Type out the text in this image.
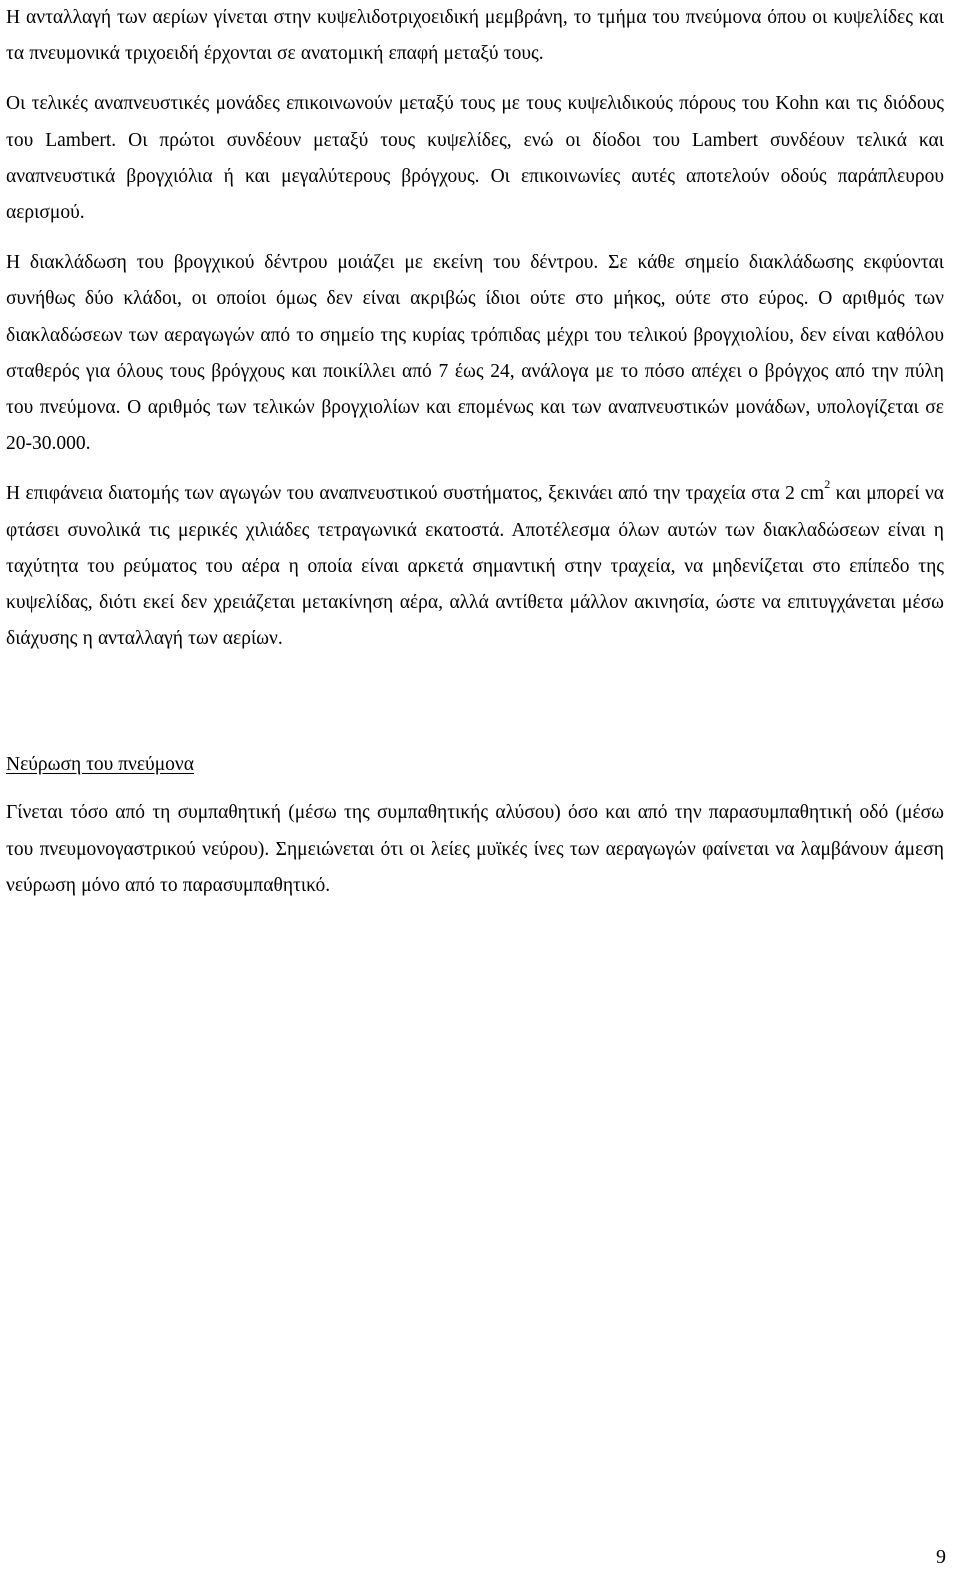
Η ανταλλαγή των αερίων γίνεται στην κυψελιδοτριχοειδική μεμβράνη, το τμήμα του πνεύμονα όπου οι κυψελίδες και τα πνευμονικά τριχοειδή έρχονται σε ανατομική επαφή μεταξύ τους.

Οι τελικές αναπνευστικές μονάδες επικοινωνούν μεταξύ τους με τους κυψελιδικούς πόρους του Kohn και τις διόδους του Lambert. Οι πρώτοι συνδέουν μεταξύ τους κυψελίδες, ενώ οι δίοδοι του Lambert συνδέουν τελικά και αναπνευστικά βρογχιόλια ή και μεγαλύτερους βρόγχους. Οι επικοινωνίες αυτές αποτελούν οδούς παράπλευρου αερισμού.

Η διακλάδωση του βρογχικού δέντρου μοιάζει με εκείνη του δέντρου. Σε κάθε σημείο διακλάδωσης εκφύονται συνήθως δύο κλάδοι, οι οποίοι όμως δεν είναι ακριβώς ίδιοι ούτε στο μήκος, ούτε στο εύρος. Ο αριθμός των διακλαδώσεων των αεραγωγών από το σημείο της κυρίας τρόπιδας μέχρι του τελικού βρογχιολίου, δεν είναι καθόλου σταθερός για όλους τους βρόγχους και ποικίλλει από 7 έως 24, ανάλογα με το πόσο απέχει ο βρόγχος από την πύλη του πνεύμονα. Ο αριθμός των τελικών βρογχιολίων και επομένως και των αναπνευστικών μονάδων, υπολογίζεται σε 20-30.000.

Η επιφάνεια διατομής των αγωγών του αναπνευστικού συστήματος, ξεκινάει από την τραχεία στα 2 $cm^2$ και μπορεί να φτάσει συνολικά τις μερικές χιλιάδες τετραγωνικά εκατοστά. Αποτέλεσμα όλων αυτών των διακλαδώσεων είναι η ταχύτητα του ρεύματος του αέρα η οποία είναι αρκετά σημαντική στην τραχεία, να μηδενίζεται στο επίπεδο της κυψελίδας, διότι εκεί δεν χρειάζεται μετακίνηση αέρα, αλλά αντίθετα μάλλον ακινησία, ώστε να επιτυγχάνεται μέσω διάχυσης η ανταλλαγή των αερίων.

Νεύρωση του πνεύμονα

Γίνεται τόσο από τη συμπαθητική (μέσω της συμπαθητικής αλύσου) όσο και από την παρασυμπαθητική οδό (μέσω του πνευμονογαστρικού νεύρου). Σημειώνεται ότι οι λείες μυϊκές ίνες των αεραγωγών φαίνεται να λαμβάνουν άμεση νεύρωση μόνο από το παρασυμπαθητικό.

9
